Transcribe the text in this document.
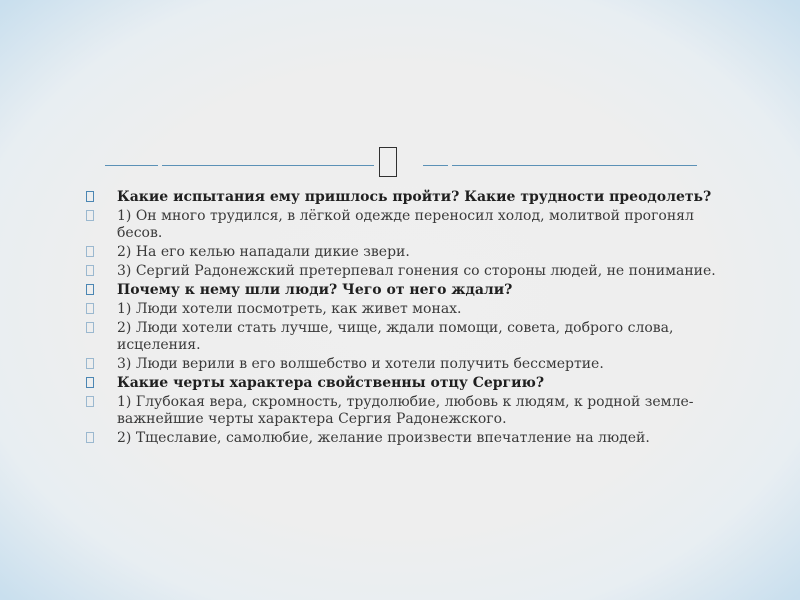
Какие испытания ему пришлось пройти? Какие трудности преодолеть?
1) Он много трудился, в лёгкой одежде переносил холод, молитвой прогонял бесов.
2) На его келью нападали дикие звери.
3) Сергий Радонежский претерпевал гонения со стороны людей, не понимание.
Почему к нему шли люди? Чего от него ждали?
1) Люди хотели посмотреть, как живет монах.
2) Люди хотели стать лучше, чище, ждали помощи, совета, доброго слова, исцеления.
3) Люди верили в его волшебство и хотели получить бессмертие.
Какие черты характера свойственны отцу Сергию?
1) Глубокая вера, скромность, трудолюбие, любовь к людям, к родной земле-важнейшие черты характера Сергия Радонежского.
2) Тщеславие, самолюбие, желание произвести впечатление на людей.
